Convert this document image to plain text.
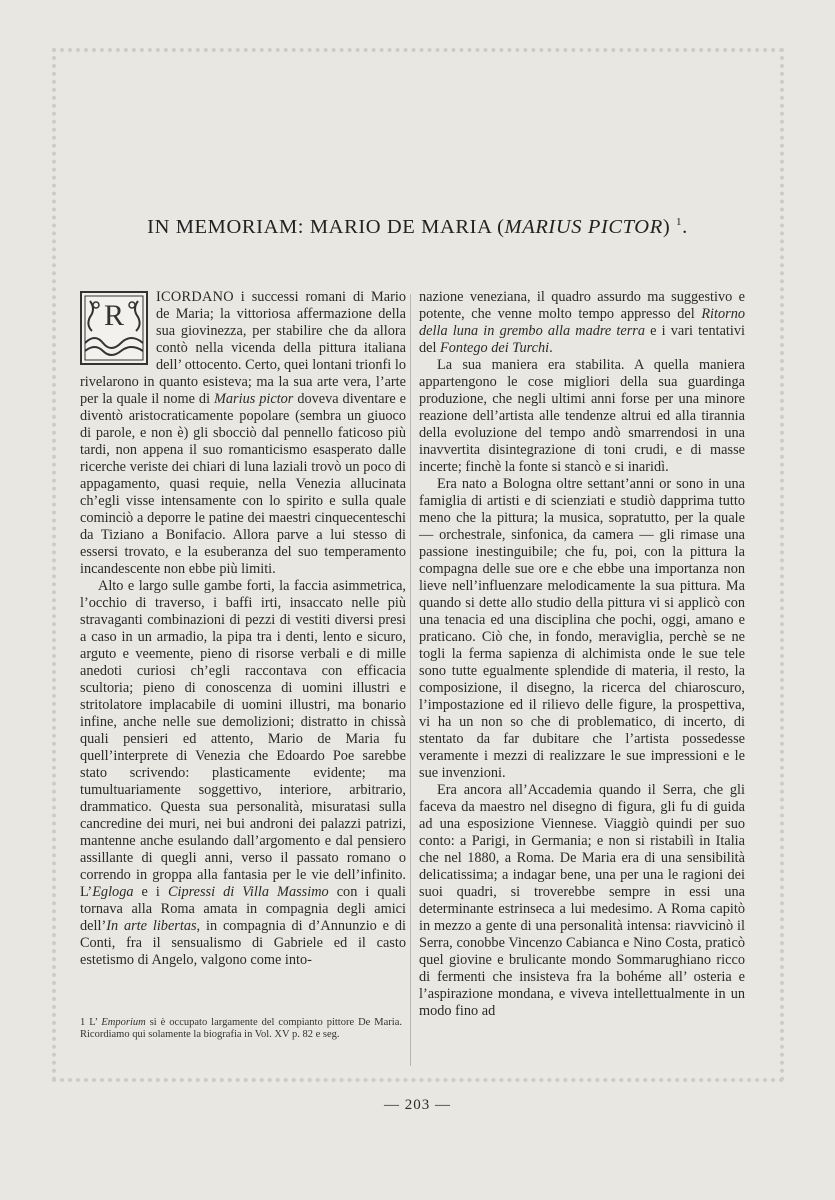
IN MEMORIAM: MARIO DE MARIA (MARIUS PICTOR) $^1$.

R
ICORDANO i successi romani di Mario de Maria; la vittoriosa affermazione della sua giovinezza, per stabilire che da allora contò nella vicenda della pittura italiana dell’ ottocento. Certo, quei lontani trionfi lo rivelarono in quanto esisteva; ma la sua arte vera, l’arte per la quale il nome di Marius pictor doveva diventare e diventò aristocraticamente popolare (sembra un giuoco di parole, e non è) gli sbocciò dal pennello faticoso più tardi, non appena il suo romanticismo esasperato dalle ricerche veriste dei chiari di luna laziali trovò un poco di appagamento, quasi requie, nella Venezia allucinata ch’egli visse intensamente con lo spirito e sulla quale cominciò a deporre le patine dei maestri cinquecenteschi da Tiziano a Bonifacio. Allora parve a lui stesso di essersi trovato, e la esuberanza del suo temperamento incandescente non ebbe più limiti.

Alto e largo sulle gambe forti, la faccia asimmetrica, l’occhio di traverso, i baffi irti, insaccato nelle più stravaganti combinazioni di pezzi di vestiti diversi presi a caso in un armadio, la pipa tra i denti, lento e sicuro, arguto e veemente, pieno di risorse verbali e di mille anedoti curiosi ch’egli raccontava con efficacia scultoria; pieno di conoscenza di uomini illustri e stritolatore implacabile di uomini illustri, ma bonario infine, anche nelle sue demolizioni; distratto in chissà quali pensieri ed attento, Mario de Maria fu quell’interprete di Venezia che Edoardo Poe sarebbe stato scrivendo: plasticamente evidente; ma tumultuariamente soggettivo, interiore, arbitrario, drammatico. Questa sua personalità, misuratasi sulla cancredine dei muri, nei bui androni dei palazzi patrizi, mantenne anche esulando dall’argomento e dal pensiero assillante di quegli anni, verso il passato romano o correndo in groppa alla fantasia per le vie dell’infinito. L’Egloga e i Cipressi di Villa Massimo con i quali tornava alla Roma amata in compagnia degli amici dell’In arte libertas, in compagnia di d’Annunzio e di Conti, fra il sensualismo di Gabriele ed il casto estetismo di Angelo, valgono come into-

nazione veneziana, il quadro assurdo ma suggestivo e potente, che venne molto tempo appresso del Ritorno della luna in grembo alla madre terra e i vari tentativi del Fontego dei Turchi.

La sua maniera era stabilita. A quella maniera appartengono le cose migliori della sua guardinga produzione, che negli ultimi anni forse per una minore reazione dell’artista alle tendenze altrui ed alla tirannia della evoluzione del tempo andò smarrendosi in una inavvertita disintegrazione di toni crudi, e di masse incerte; finchè la fonte si stancò e si inaridì.

Era nato a Bologna oltre settant’anni or sono in una famiglia di artisti e di scienziati e studiò dapprima tutto meno che la pittura; la musica, sopratutto, per la quale — orchestrale, sinfonica, da camera — gli rimase una passione inestinguibile; che fu, poi, con la pittura la compagna delle sue ore e che ebbe una importanza non lieve nell’influenzare melodicamente la sua pittura. Ma quando si dette allo studio della pittura vi si applicò con una tenacia ed una disciplina che pochi, oggi, amano e praticano. Ciò che, in fondo, meraviglia, perchè se ne togli la ferma sapienza di alchimista onde le sue tele sono tutte egualmente splendide di materia, il resto, la composizione, il disegno, la ricerca del chiaroscuro, l’impostazione ed il rilievo delle figure, la prospettiva, vi ha un non so che di problematico, di incerto, di stentato da far dubitare che l’artista possedesse veramente i mezzi di realizzare le sue impressioni e le sue invenzioni.

Era ancora all’Accademia quando il Serra, che gli faceva da maestro nel disegno di figura, gli fu di guida ad una esposizione Viennese. Viaggiò quindi per suo conto: a Parigi, in Germania; e non si ristabilì in Italia che nel 1880, a Roma. De Maria era di una sensibilità delicatissima; a indagar bene, una per una le ragioni dei suoi quadri, si troverebbe sempre in essi una determinante estrinseca a lui medesimo. A Roma capitò in mezzo a gente di una personalità intensa: riavvicinò il Serra, conobbe Vincenzo Cabianca e Nino Costa, praticò quel giovine e brulicante mondo Sommarughiano ricco di fermenti che insisteva fra la bohéme all’ osteria e l’aspirazione mondana, e viveva intellettualmente in un modo fino ad

1 L’ Emporium si è occupato largamente del compianto pittore De Maria. Ricordiamo qui solamente la biografia in Vol. XV p. 82 e seg.
— 203 —
